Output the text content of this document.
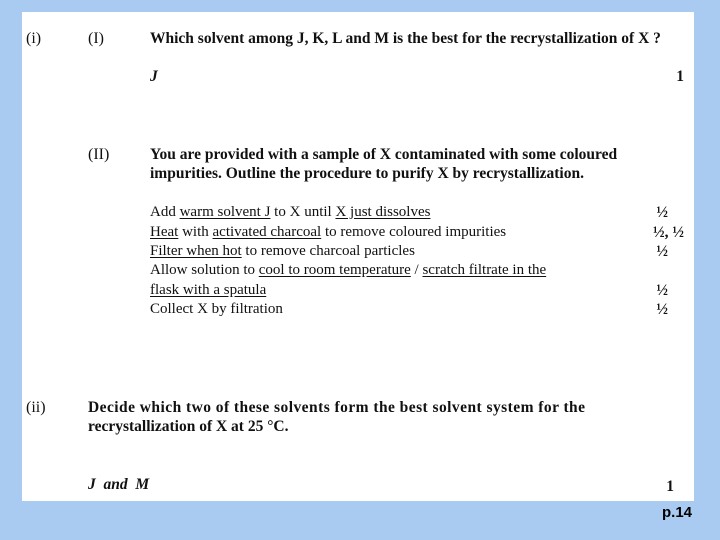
(i)	(I)	Which solvent among J, K, L and M is the best for the recrystallization of X ?
J	1
(II)	You are provided with a sample of X contaminated with some coloured
impurities. Outline the procedure to purify X by recrystallization.
Add warm solvent J to X until X just dissolves	½
Heat with activated charcoal to remove coloured impurities	½, ½
Filter when hot to remove charcoal particles	½
Allow solution to cool to room temperature / scratch filtrate in the
flask with a spatula	½
Collect X by filtration	½
(ii)	Decide which two of these solvents form the best solvent system for the
recrystallization of X at 25 °C.
J  and  M	1
p.14
